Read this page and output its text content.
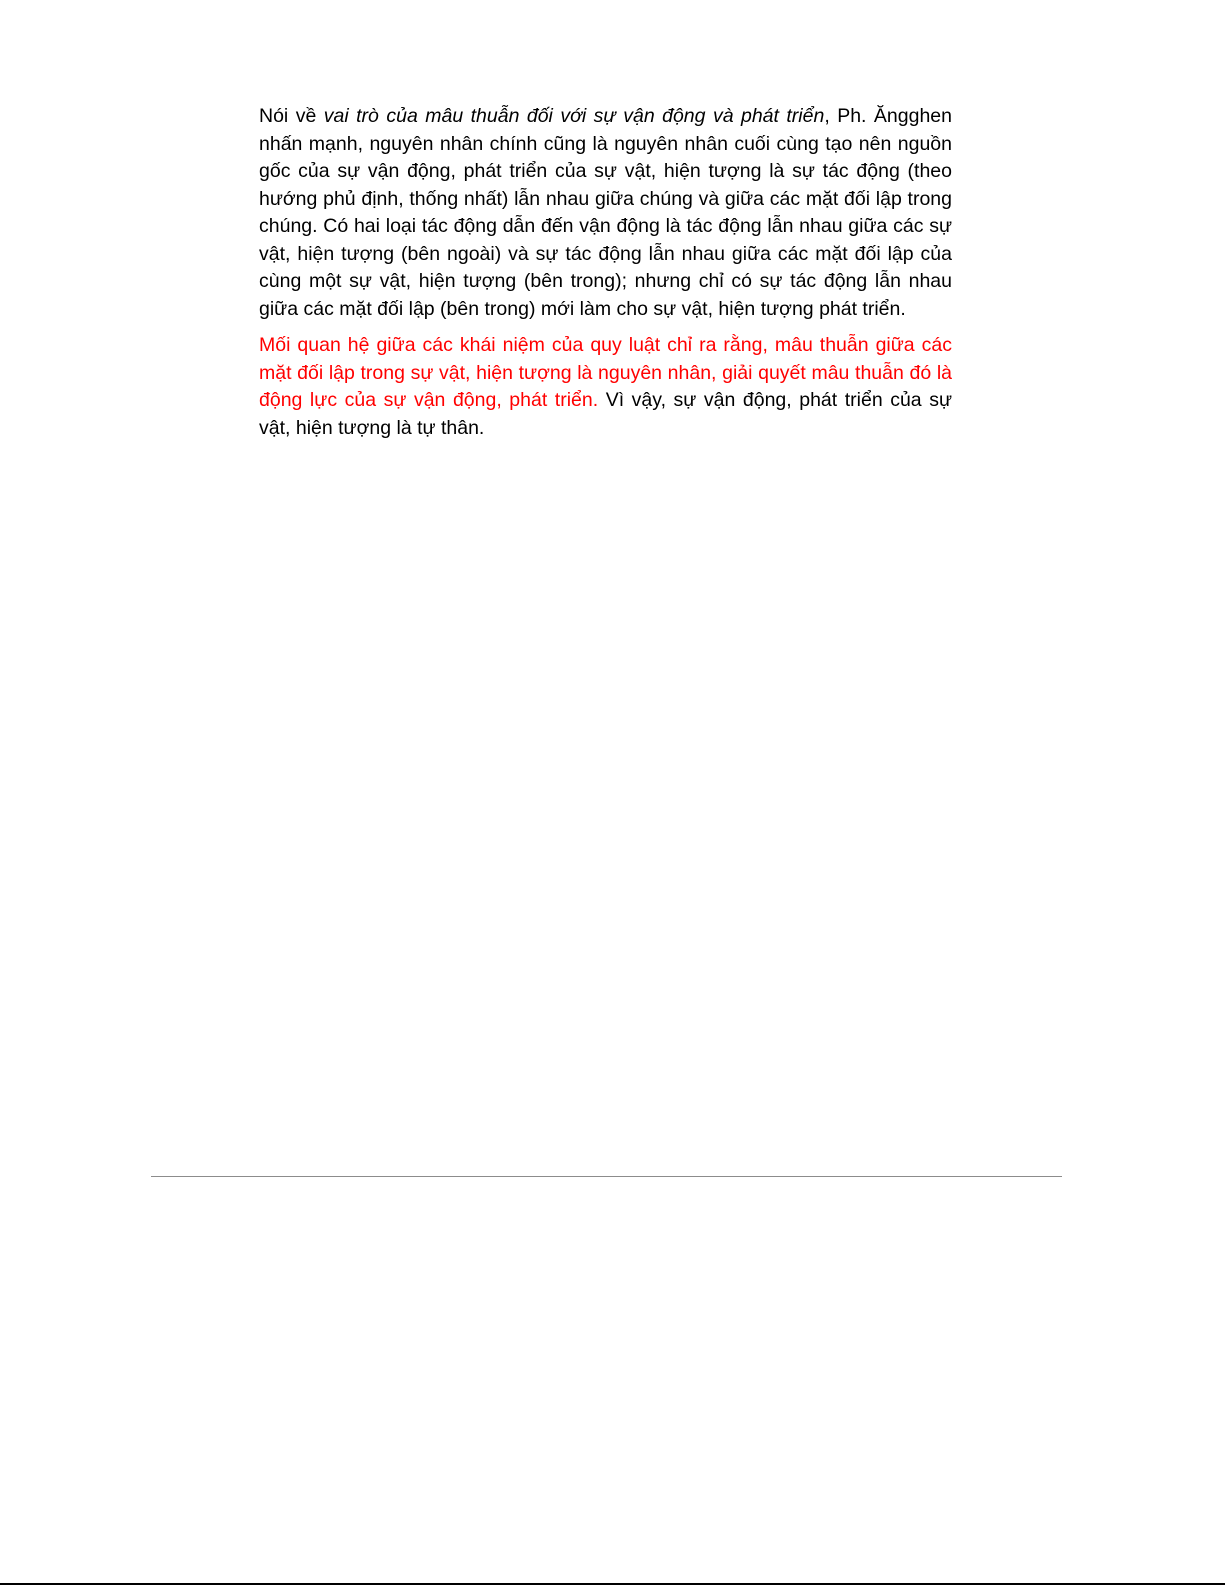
Nói về vai trò của mâu thuẫn đối với sự vận động và phát triển, Ph. Ăngghen nhấn mạnh, nguyên nhân chính cũng là nguyên nhân cuối cùng tạo nên nguồn gốc của sự vận động, phát triển của sự vật, hiện tượng là sự tác động (theo hướng phủ định, thống nhất) lẫn nhau giữa chúng và giữa các mặt đối lập trong chúng. Có hai loại tác động dẫn đến vận động là tác động lẫn nhau giữa các sự vật, hiện tượng (bên ngoài) và sự tác động lẫn nhau giữa các mặt đối lập của cùng một sự vật, hiện tượng (bên trong); nhưng chỉ có sự tác động lẫn nhau giữa các mặt đối lập (bên trong) mới làm cho sự vật, hiện tượng phát triển.

Mối quan hệ giữa các khái niệm của quy luật chỉ ra rằng, mâu thuẫn giữa các mặt đối lập trong sự vật, hiện tượng là nguyên nhân, giải quyết mâu thuẫn đó là động lực của sự vận động, phát triển. Vì vậy, sự vận động, phát triển của sự vật, hiện tượng là tự thân.
